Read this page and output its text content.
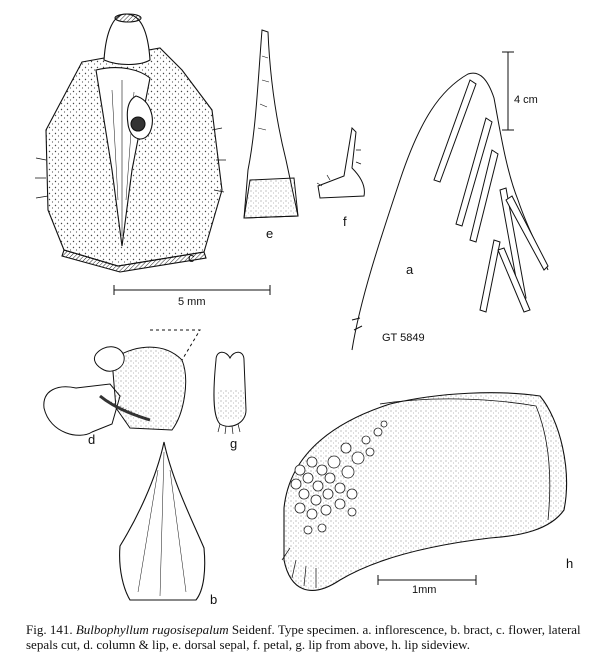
c
e
f
a
d	g
b
h
4 cm
5 mm
1mm
GT 5849
Fig. 141. Bulbophyllum rugosisepalum Seidenf. Type specimen. a. inflorescence, b. bract, c. flower, lateral
sepals cut, d. column & lip, e. dorsal sepal, f. petal, g. lip from above, h. lip sideview.
